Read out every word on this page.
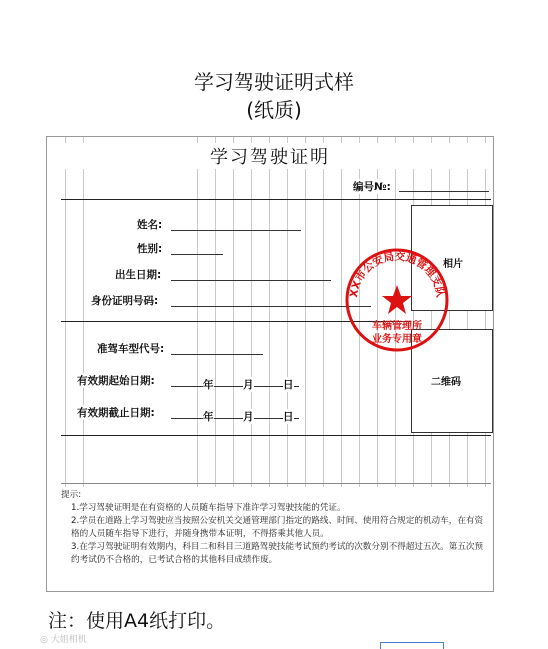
学习驾驶证明式样
(纸质)
学习驾驶证明
编号№:
姓名:
性别:
出生日期:
身份证明号码:
相片
准驾车型代号:
有效期起始日期:	年	月	日
有效期截止日期:	年	月	日
二维码
XX市公安局交通管理支队
车辆管理所
业务专用章

提示:

1.学习驾驶证明是在有资格的人员随车指导下准许学习驾驶技能的凭证。

2.学员在道路上学习驾驶应当按照公安机关交通管理部门指定的路线、时间、使用符合规定的机动车，在有资格的人员随车指导下进行，并随身携带本证明，不得搭乘其他人员。

3.在学习驾驶证明有效期内，科目二和科目三道路驾驶技能考试预约考试的次数分别不得超过五次。第五次预约考试仍不合格的，已考试合格的其他科目成绩作废。

注：使用A4纸打印。
◎ 大姐相机
